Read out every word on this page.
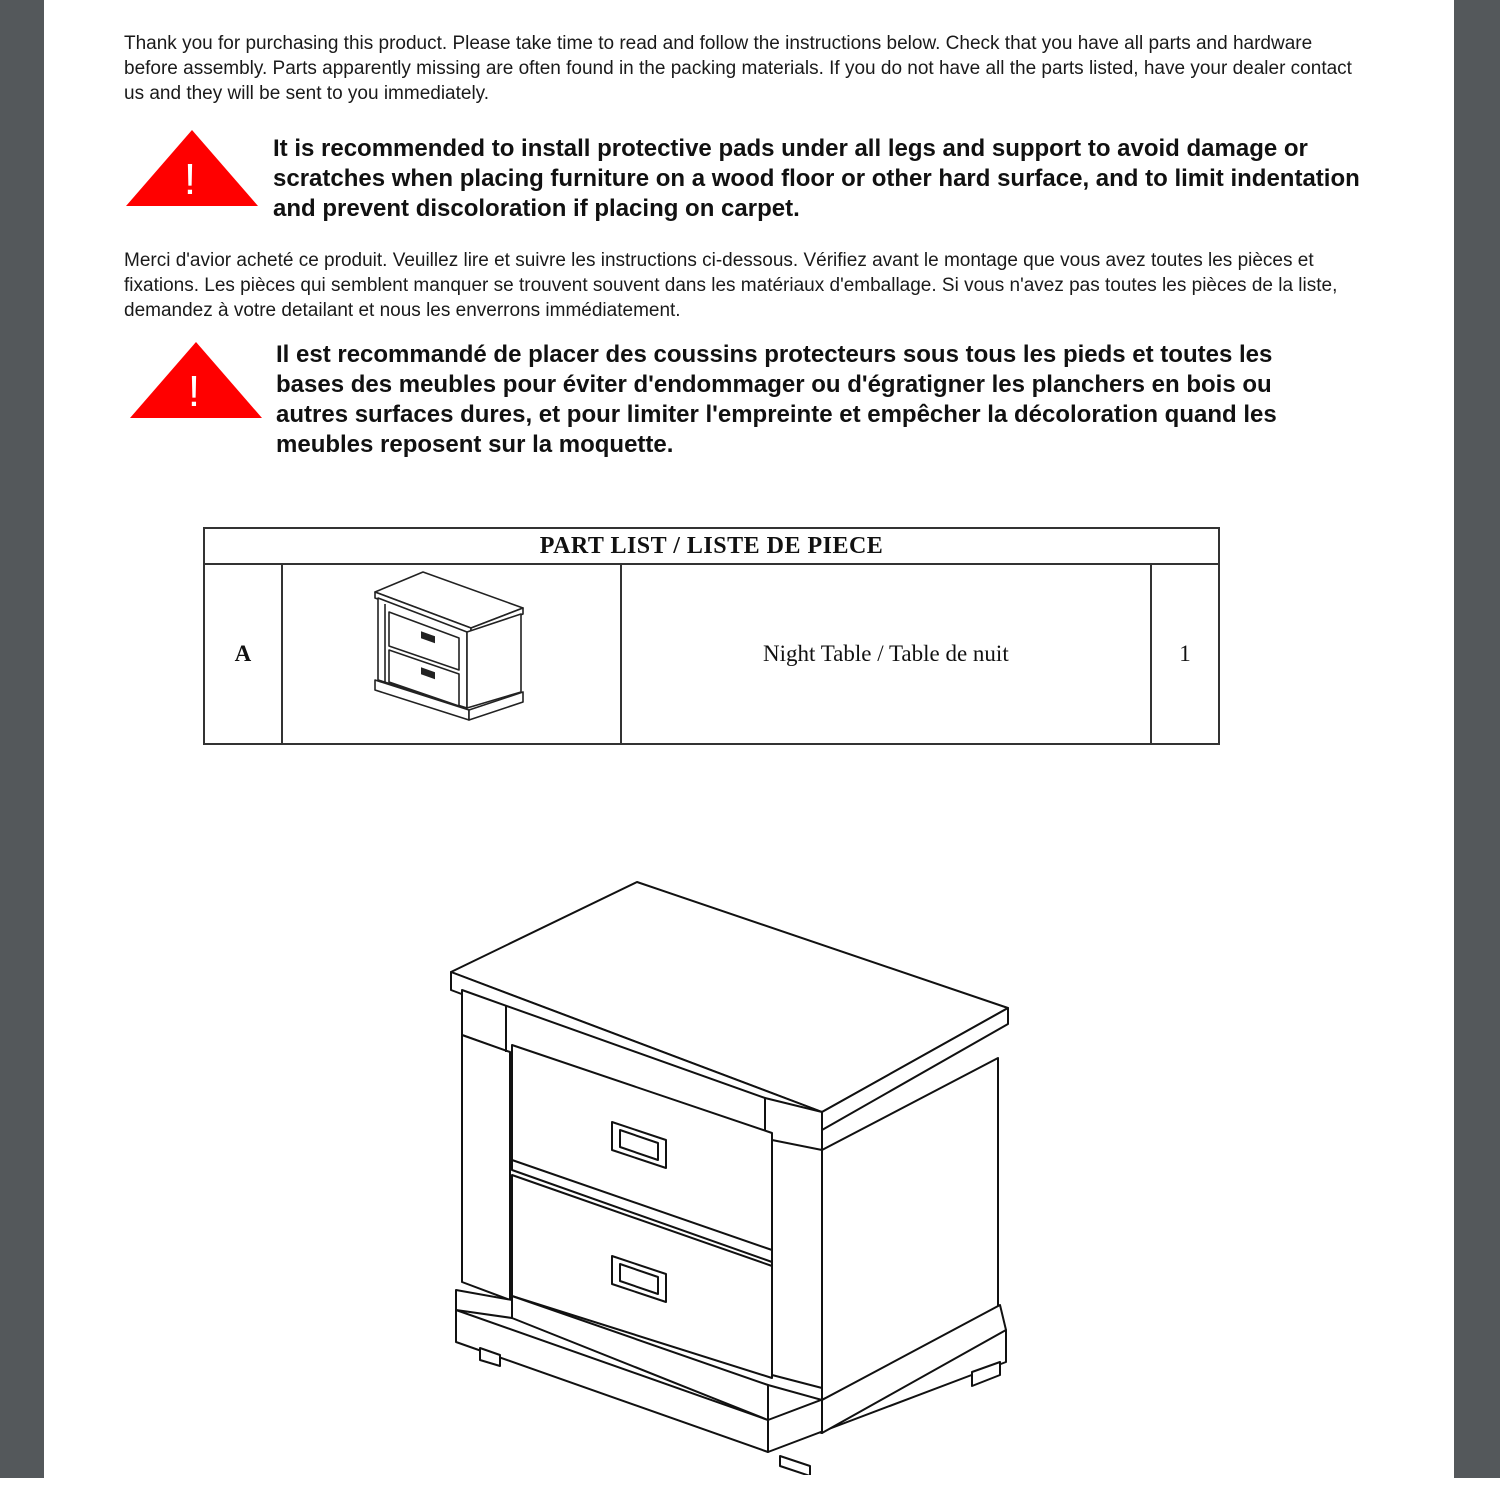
Thank you for purchasing this product. Please take time to read and follow the instructions below. Check that you have all parts and hardware before assembly. Parts apparently missing are often found in the packing materials. If you do not have all the parts listed, have your dealer contact us and they will be sent to you immediately.

!

It is recommended to install protective pads under all legs and support to avoid damage or scratches when placing furniture on a wood floor or other hard surface, and to limit indentation and prevent discoloration if placing on carpet.

Merci d'avior acheté ce produit. Veuillez lire et suivre les instructions ci-dessous. Vérifiez avant le montage que vous avez toutes les pièces et fixations. Les pièces qui semblent manquer se trouvent souvent dans les matériaux d'emballage. Si vous n'avez pas toutes les pièces de la liste, demandez à votre detailant et nous les enverrons immédiatement.

!

Il est recommandé de placer des coussins protecteurs sous tous les pieds et toutes les bases des meubles pour éviter d'endommager ou d'égratigner les planchers en bois ou autres surfaces dures, et pour limiter l'empreinte et empêcher la décoloration quand les meubles reposent sur la moquette.

PART LIST / LISTE DE PIECE
A		Night Table / Table de nuit	1
